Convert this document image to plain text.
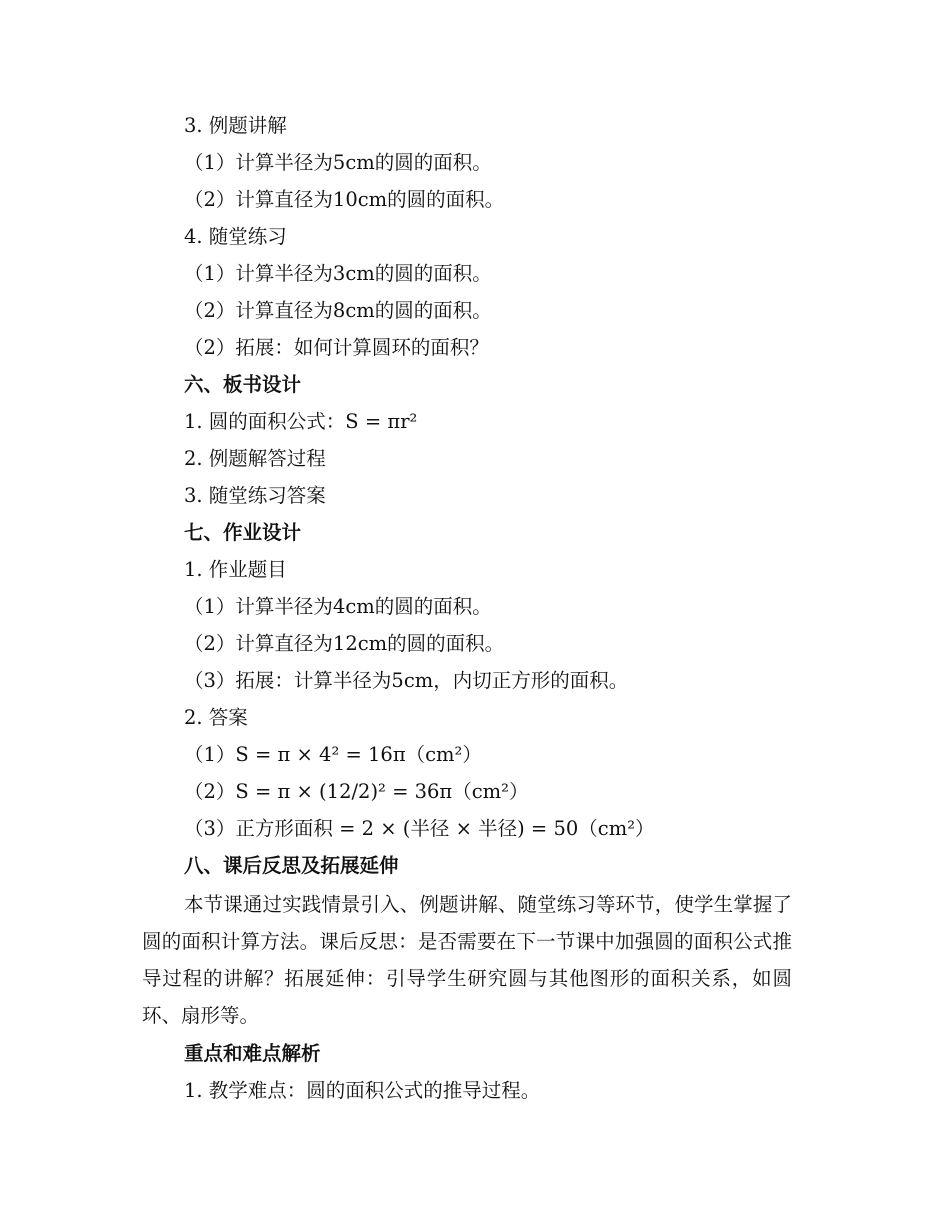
3. 例题讲解
（1）计算半径为5cm的圆的面积。
（2）计算直径为10cm的圆的面积。
4. 随堂练习
（1）计算半径为3cm的圆的面积。
（2）计算直径为8cm的圆的面积。
（2）拓展：如何计算圆环的面积？
六、板书设计
1. 圆的面积公式：S = πr²
2. 例题解答过程
3. 随堂练习答案
七、作业设计
1. 作业题目
（1）计算半径为4cm的圆的面积。
（2）计算直径为12cm的圆的面积。
（3）拓展：计算半径为5cm，内切正方形的面积。
2. 答案
（1）S = π × 4² = 16π（cm²）
（2）S = π × (12/2)² = 36π（cm²）
（3）正方形面积 = 2 × (半径 × 半径) = 50（cm²）
八、课后反思及拓展延伸
本节课通过实践情景引入、例题讲解、随堂练习等环节，使学生掌握了圆的面积计算方法。课后反思：是否需要在下一节课中加强圆的面积公式推导过程的讲解？拓展延伸：引导学生研究圆与其他图形的面积关系，如圆环、扇形等。
重点和难点解析
1. 教学难点：圆的面积公式的推导过程。
